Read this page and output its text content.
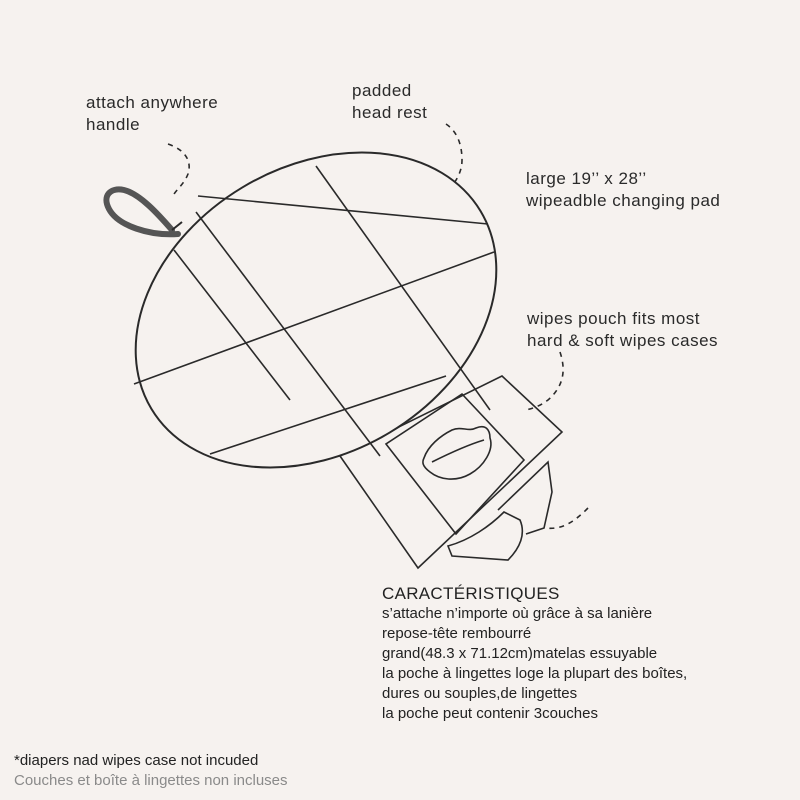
attach anywhere
handle
padded
head rest
large 19’’ x 28’’
wipeadble changing pad
wipes pouch fits most
hard & soft wipes cases
CARACTÉRISTIQUES
s’attache n’importe où grâce à sa lanière
repose-tête rembourré
grand(48.3 x 71.12cm)matelas essuyable
la poche à lingettes loge la plupart des boîtes,
dures ou souples,de lingettes
la poche peut contenir 3couches
*diapers nad wipes case not incuded
Couches et boîte à lingettes non incluses
